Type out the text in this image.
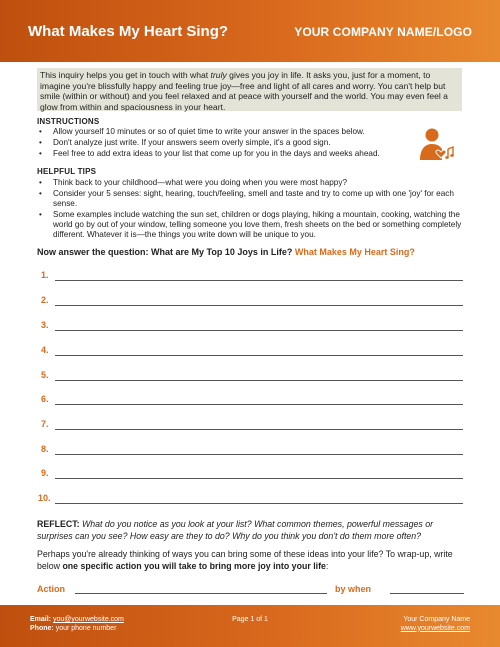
What Makes My Heart Sing?	YOUR COMPANY NAME/LOGO
This inquiry helps you get in touch with what truly gives you joy in life. It asks you, just for a moment, to imagine you're blissfully happy and feeling true joy—free and light of all cares and worry. You can't help but smile (within or without) and you feel relaxed and at peace with yourself and the world. You may even feel a glow from within and spaciousness in your heart.
INSTRUCTIONS
• Allow yourself 10 minutes or so of quiet time to write your answer in the spaces below.
• Don't analyze just write. If your answers seem overly simple, it's a good sign.
• Feel free to add extra ideas to your list that come up for you in the days and weeks ahead.
HELPFUL TIPS
• Think back to your childhood—what were you doing when you were most happy?
• Consider your 5 senses: sight, hearing, touch/feeling, smell and taste and try to come up with one 'joy' for each sense.
• Some examples include watching the sun set, children or dogs playing, hiking a mountain, cooking, watching the world go by out of your window, telling someone you love them, fresh sheets on the bed or something completely different. Whatever it is—the things you write down will be unique to you.
Now answer the question: What are My Top 10 Joys in Life? What Makes My Heart Sing?
1.
2.
3.
4.
5.
6.
7.
8.
9.
10.
REFLECT: What do you notice as you look at your list? What common themes, powerful messages or surprises can you see? How easy are they to do? Why do you think you don't do them more often?
Perhaps you're already thinking of ways you can bring some of these ideas into your life? To wrap-up, write below one specific action you will take to bring more joy into your life:
Action	by when
Email: you@yourwebsite.com
Phone: your phone number
Page 1 of 1	Your Company Name
www.yourwebsite.com
